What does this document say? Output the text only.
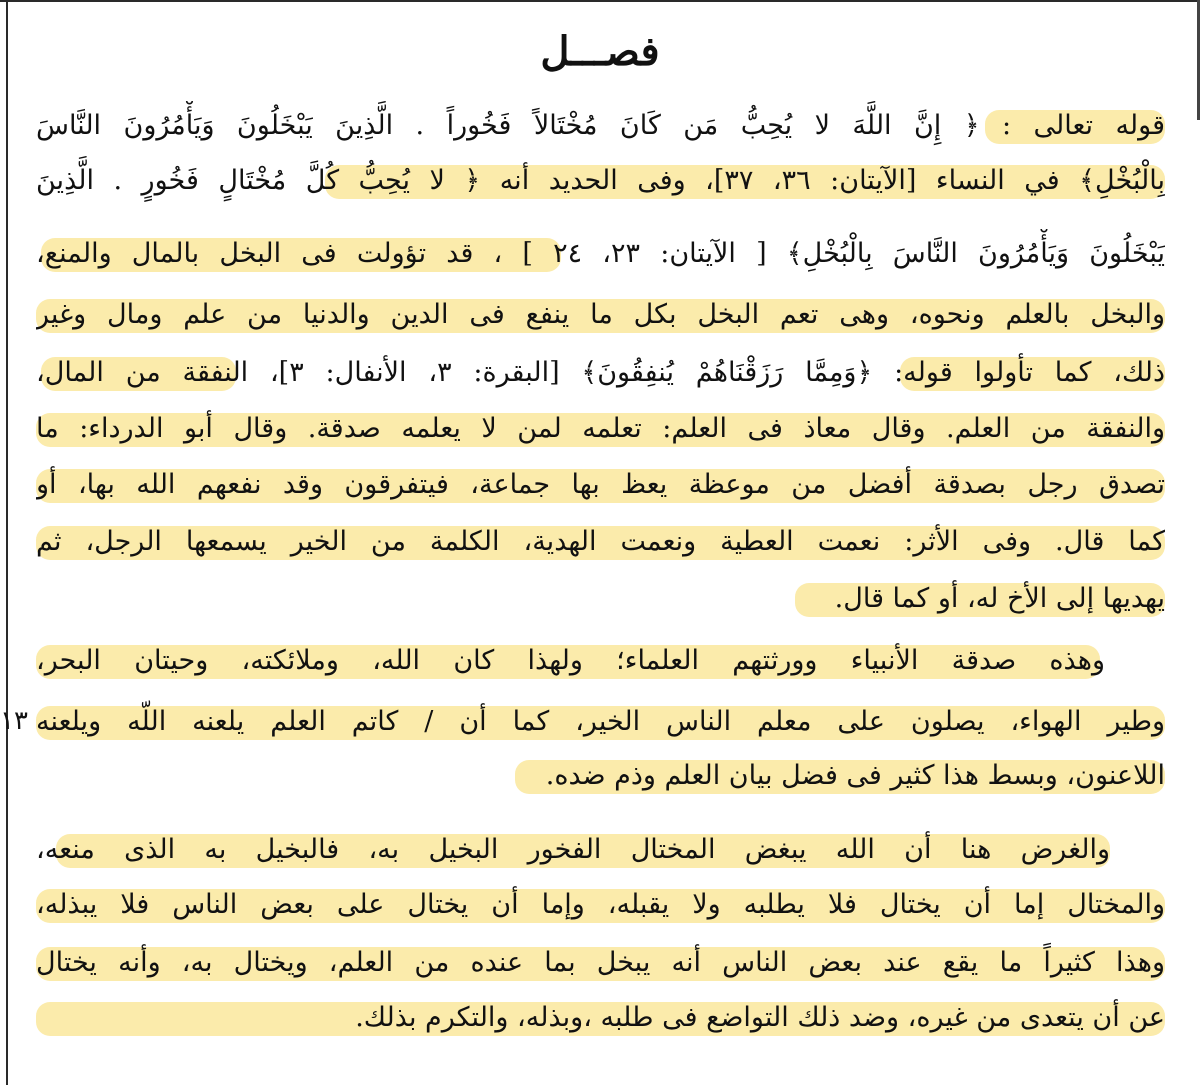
فصـــل
١٣
قوله تعالى : ﴿ إِنَّ اللَّهَ لا يُحِبُّ مَن كَانَ مُخْتَالاً فَخُوراً . الَّذِينَ يَبْخَلُونَ وَيَأْمُرُونَ النَّاسَ
بِالْبُخْلِ﴾ في النساء [الآيتان: ٣٦، ٣٧]، وفى الحديد أنه ﴿ لا يُحِبُّ كُلَّ مُخْتَالٍ فَخُورٍ . الَّذِينَ
يَبْخَلُونَ وَيَأْمُرُونَ النَّاسَ بِالْبُخْلِ﴾ [ الآيتان: ٢٣، ٢٤ ] ، قد تؤولت فى البخل بالمال والمنع،
والبخل بالعلم ونحوه، وهى تعم البخل بكل ما ينفع فى الدين والدنيا من علم ومال وغير
ذلك، كما تأولوا قوله: ﴿وَمِمَّا رَزَقْنَاهُمْ يُنفِقُونَ﴾ [البقرة: ٣، الأنفال: ٣]، النفقة من المال،
والنفقة من العلم. وقال معاذ فى العلم: تعلمه لمن لا يعلمه صدقة. وقال أبو الدرداء: ما
تصدق رجل بصدقة أفضل من موعظة يعظ بها جماعة، فيتفرقون وقد نفعهم الله بها، أو
كما قال. وفى الأثر: نعمت العطية ونعمت الهدية، الكلمة من الخير يسمعها الرجل، ثم
يهديها إلى الأخ له، أو كما قال.
وهذه صدقة الأنبياء وورثتهم العلماء؛ ولهذا كان الله، وملائكته، وحيتان البحر،
وطير الهواء، يصلون على معلم الناس الخير، كما أن / كاتم العلم يلعنه اللّه ويلعنه
اللاعنون، وبسط هذا كثير فى فضل بيان العلم وذم ضده.
والغرض هنا أن الله يبغض المختال الفخور البخيل به، فالبخيل به الذى منعه،
والمختال إما أن يختال فلا يطلبه ولا يقبله، وإما أن يختال على بعض الناس فلا يبذله،
وهذا كثيراً ما يقع عند بعض الناس أنه يبخل بما عنده من العلم، ويختال به، وأنه يختال
عن أن يتعدى من غيره، وضد ذلك التواضع فى طلبه ،وبذله، والتكرم بذلك.
